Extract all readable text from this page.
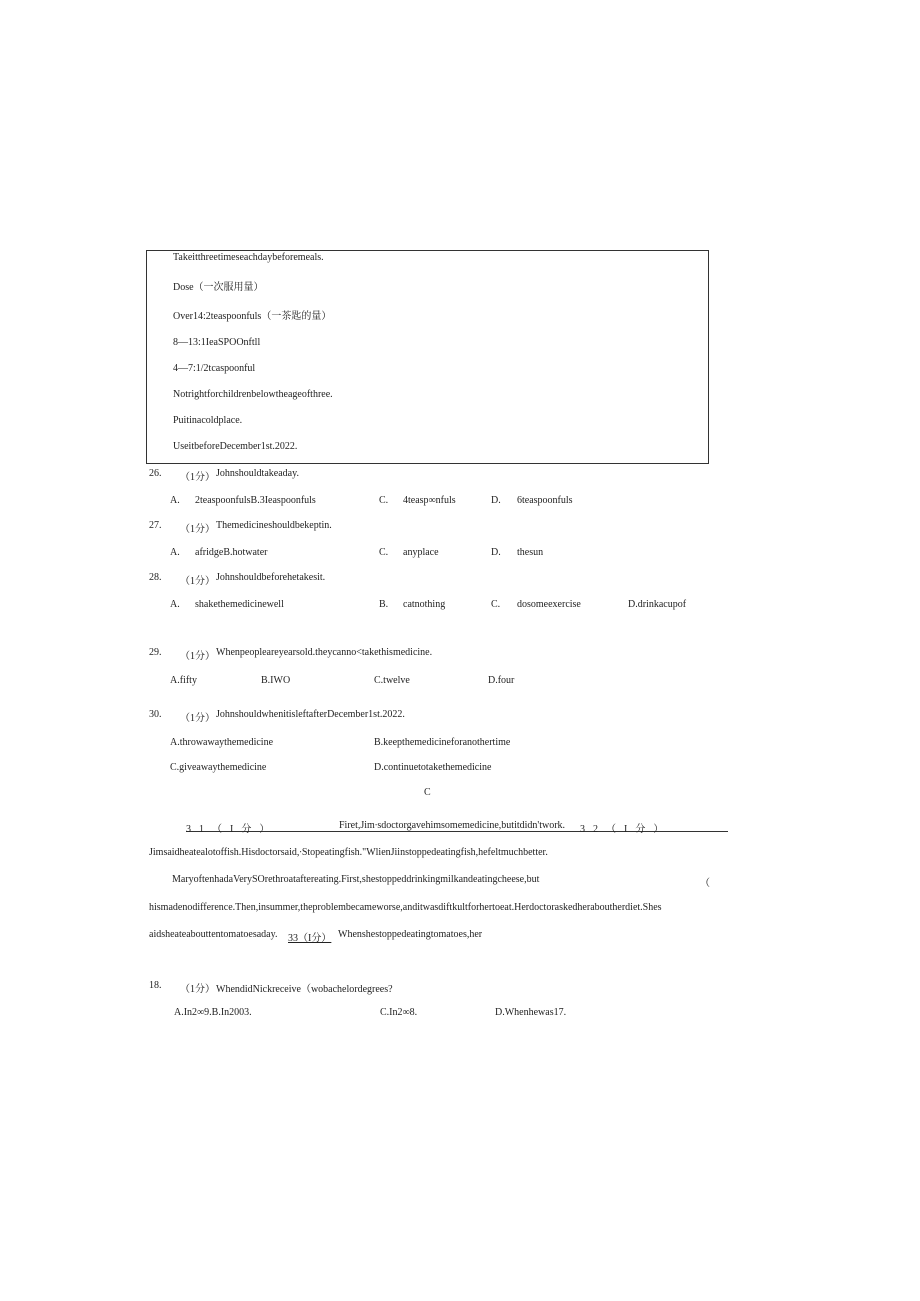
Takeitthreetimeseachdaybeforemeals.
Dose（一次服用量）
Over14:2teaspoonfuls（一茶匙的量）
8—13:1IeaSPOOnftll
4—7:1/2tcaspoonful
Notrightforchildrenbelowtheageofthree.
Puitinacoldplace.
UseitbeforeDecember1st.2022.
26. （1分） Johnshouldtakeaday.
A. 2teaspoonfulsB.3Ieaspoonfuls	C. 4teasp∞nfuls	D. 6teaspoonfuls
27. （1分） Themedicineshouldbekeptin.
A. afridgeB.hotwater	C. anyplace	D. thesun
28. （1分） Johnshouldbeforehetakesit.
A. shakethemedicinewell	B. catnothing	C. dosomeexercise	D.drinkacupof
29. （1分） Whenpeopleareyearsold.theycanno<takethismedicine.
A.fifty	B.IWO	C.twelve	D.four
30. （1分） JohnshouldwhenitisleftafterDecember1st.2022.
A.throwawaythemedicine	B.keepthemedicineforanothertime
C.giveawaythemedicine	D.continuetotakethemedicine
C
31（I分）	Firet,Jim∙sdoctorgavehimsomemedicine,butitdidn'twork. 32（I分）
Jimsaidheatealotoffish.Hisdoctorsaid,∙Stopeatingfish."WlienJiinstoppedeatingfish,hefeltmuchbetter.
MaryoftenhadaVerySOrethroataftereating.First,shestoppeddrinkingmilkandeatingcheese,but	（
hismadenodifference.Then,insummer,theproblembecameworse,anditwasdiftkultforhertoeat.Herdoctoraskedheraboutherdiet.Shes
aidsheateabouttentomatoesaday. 33（I分） Whenshestoppedeatingtomatoes,her
18. （1分） WhendidNickreceive（wobachelordegrees?
A.In2∞9.B.In2003.	C.In2∞8.	D.Whenhewas17.
